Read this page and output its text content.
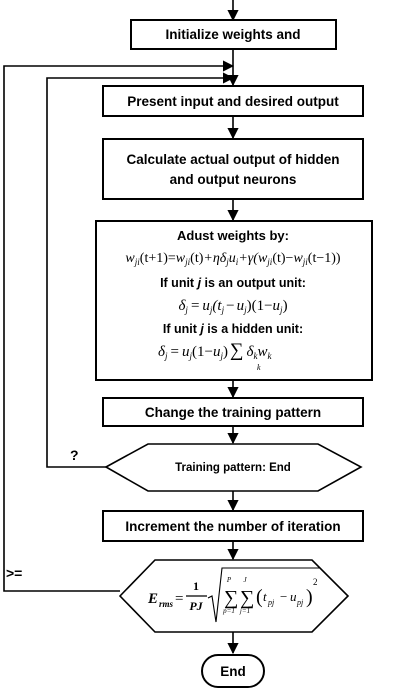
?
>=
Initialize weights and
Present input and desired output
Calculate actual output of hidden
and output neurons
Adust weights by:
$w_{ji}(t+1)=w_{ji}(t)+\eta\delta_ju_i+\gamma(w_{ji}(t)-w_{ji}(t-1))$
If unit j is an output unit:
$\delta_j = u_j(t_j - u_j)(1-u_j)$
If unit j is a hidden unit:
$\delta_j = u_j(1-u_j)$ ∑ $\delta_kw_k$
k
Change the training pattern
Training pattern: End
Increment the number of iteration
E rms =
1
PJ ∑
P
p=1
∑
J
j=1
( t pj − u pj )
2
End
